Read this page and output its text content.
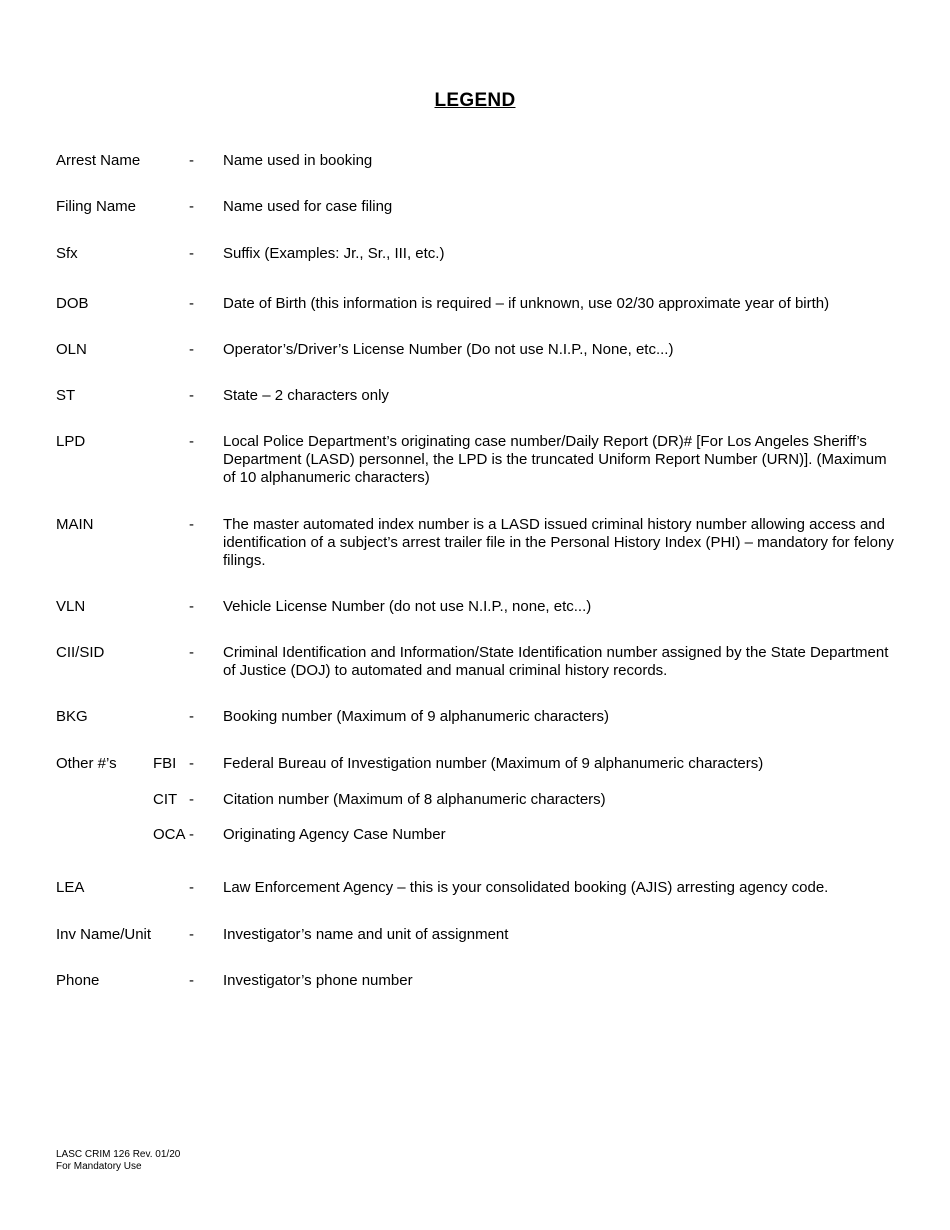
LEGEND
Arrest Name	- Name used in booking
Filing Name	- Name used for case filing
Sfx	- Suffix (Examples: Jr., Sr., III, etc.)
DOB	- Date of Birth (this information is required – if unknown, use 02/30 approximate year of birth)
OLN	- Operator’s/Driver’s License Number (Do not use N.I.P., None, etc...)
ST	- State – 2 characters only
LPD	- Local Police Department’s originating case number/Daily Report (DR)# [For Los Angeles Sheriff’s Department (LASD) personnel, the LPD is the truncated Uniform Report Number (URN)]. (Maximum of 10 alphanumeric characters)
MAIN	- The master automated index number is a LASD issued criminal history number allowing access and identification of a subject’s arrest trailer file in the Personal History Index (PHI) – mandatory for felony filings.
VLN	- Vehicle License Number (do not use N.I.P., none, etc...)
CII/SID	- Criminal Identification and Information/State Identification number assigned by the State Department of Justice (DOJ) to automated and manual criminal history records.
BKG	- Booking number (Maximum of 9 alphanumeric characters)
Other #’s FBI - Federal Bureau of Investigation number (Maximum of 9 alphanumeric characters)
CIT - Citation number (Maximum of 8 alphanumeric characters)
OCA - Originating Agency Case Number
LEA	- Law Enforcement Agency – this is your consolidated booking (AJIS) arresting agency code.
Inv Name/Unit	- Investigator’s name and unit of assignment
Phone	- Investigator’s phone number
LASC CRIM 126 Rev. 01/20
For Mandatory Use
